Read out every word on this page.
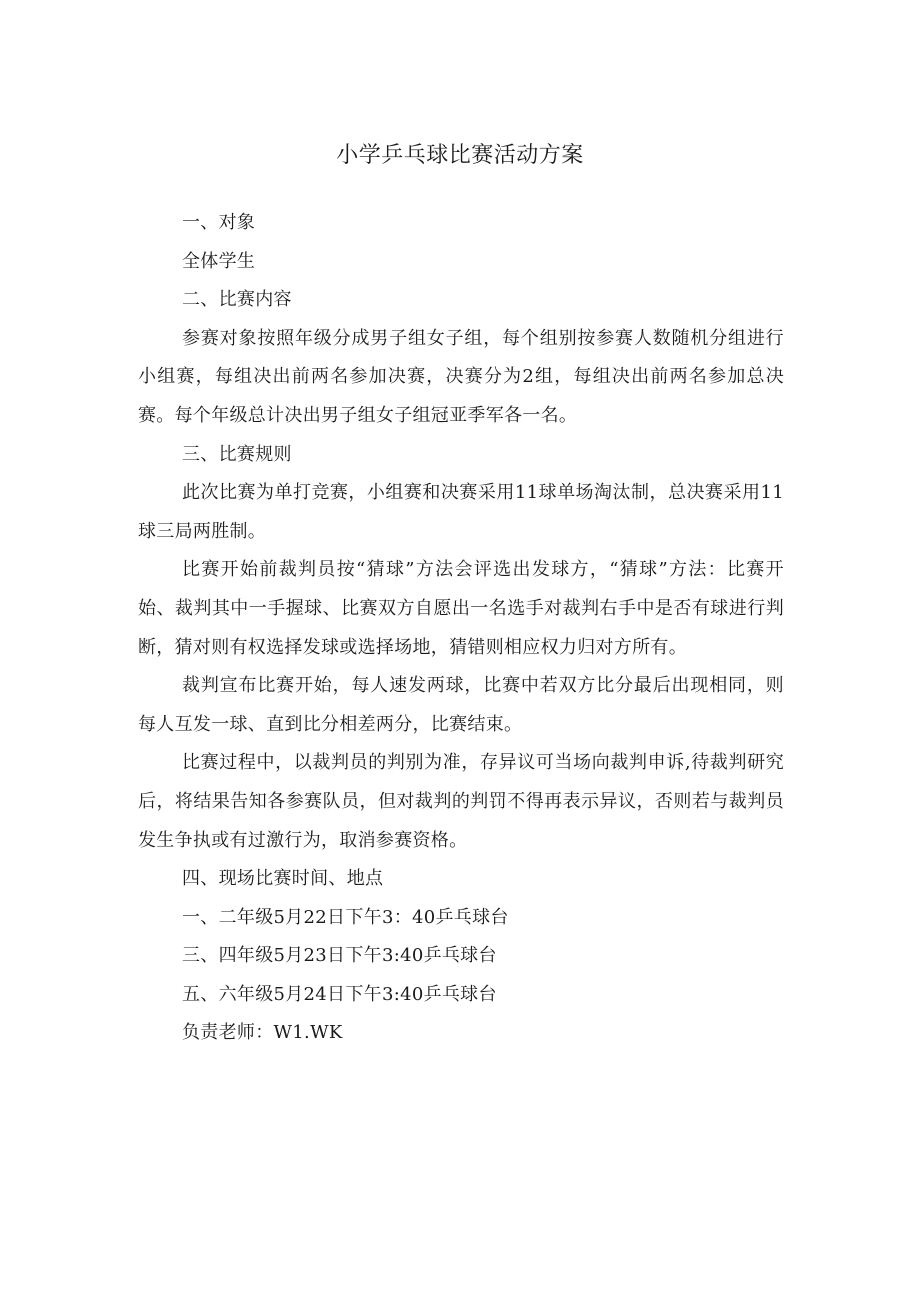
小学乒乓球比赛活动方案

一、对象

全体学生

二、比赛内容

参赛对象按照年级分成男子组女子组，每个组别按参赛人数随机分组进行小组赛，每组决出前两名参加决赛，决赛分为2组，每组决出前两名参加总决赛。每个年级总计决出男子组女子组冠亚季军各一名。

三、比赛规则

此次比赛为单打竞赛，小组赛和决赛采用11球单场淘汰制，总决赛采用11球三局两胜制。

比赛开始前裁判员按“猜球”方法会评选出发球方，“猜球”方法：比赛开始、裁判其中一手握球、比赛双方自愿出一名选手对裁判右手中是否有球进行判断，猜对则有权选择发球或选择场地，猜错则相应权力归对方所有。

裁判宣布比赛开始，每人速发两球，比赛中若双方比分最后出现相同，则每人互发一球、直到比分相差两分，比赛结束。

比赛过程中，以裁判员的判别为准，存异议可当场向裁判申诉,待裁判研究后，将结果告知各参赛队员，但对裁判的判罚不得再表示异议，否则若与裁判员发生争执或有过激行为，取消参赛资格。

四、现场比赛时间、地点

一、二年级5月22日下午3：40乒乓球台

三、四年级5月23日下午3:40乒乓球台

五、六年级5月24日下午3:40乒乓球台

负责老师：W1.WK
